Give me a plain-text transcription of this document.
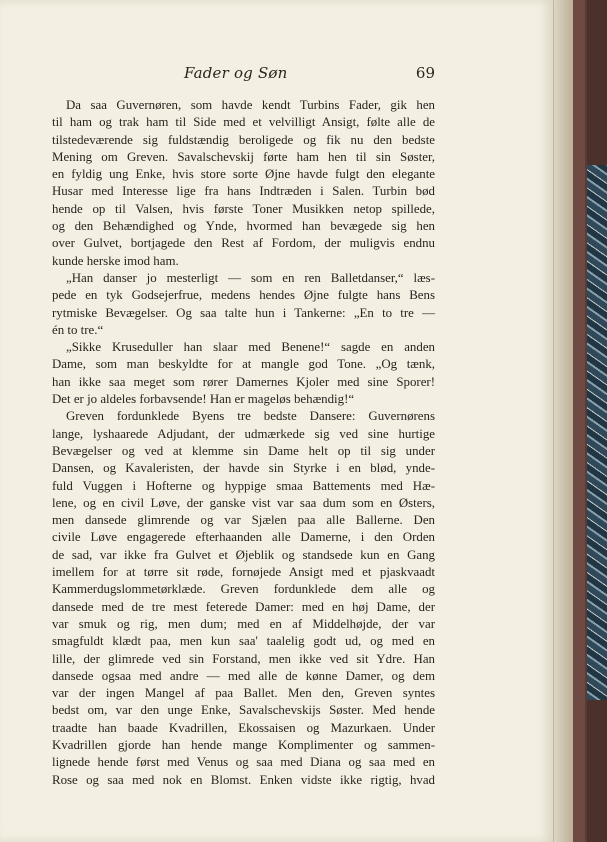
Fader og Søn	69
Da saa Guvernøren, som havde kendt Turbins Fader, gik hen
til ham og trak ham til Side med et velvilligt Ansigt, følte alle de
tilstedeværende sig fuldstændig beroligede og fik nu den bedste
Mening om Greven. Savalschevskij førte ham hen til sin Søster,
en fyldig ung Enke, hvis store sorte Øjne havde fulgt den elegante
Husar med Interesse lige fra hans Indtræden i Salen. Turbin bød
hende op til Valsen, hvis første Toner Musikken netop spillede,
og den Behændighed og Ynde, hvormed han bevægede sig hen
over Gulvet, bortjagede den Rest af Fordom, der muligvis endnu
kunde herske imod ham.
„Han danser jo mesterligt — som en ren Balletdanser,“ læs-
pede en tyk Godsejerfrue, medens hendes Øjne fulgte hans Bens
rytmiske Bevægelser. Og saa talte hun i Tankerne: „En to tre —
én to tre.“
„Sikke Kruseduller han slaar med Benene!“ sagde en anden
Dame, som man beskyldte for at mangle god Tone. „Og tænk,
han ikke saa meget som rører Damernes Kjoler med sine Sporer!
Det er jo aldeles forbavsende! Han er mageløs behændig!“
Greven fordunklede Byens tre bedste Dansere: Guvernørens
lange, lyshaarede Adjudant, der udmærkede sig ved sine hurtige
Bevægelser og ved at klemme sin Dame helt op til sig under
Dansen, og Kavaleristen, der havde sin Styrke i en blød, ynde-
fuld Vuggen i Hofterne og hyppige smaa Battements med Hæ-
lene, og en civil Løve, der ganske vist var saa dum som en Østers,
men dansede glimrende og var Sjælen paa alle Ballerne. Den
civile Løve engagerede efterhaanden alle Damerne, i den Orden
de sad, var ikke fra Gulvet et Øjeblik og standsede kun en Gang
imellem for at tørre sit røde, fornøjede Ansigt med et pjaskvaadt
Kammerdugslommetørklæde. Greven fordunklede dem alle og
dansede med de tre mest feterede Damer: med en høj Dame, der
var smuk og rig, men dum; med en af Middelhøjde, der var
smagfuldt klædt paa, men kun saa' taalelig godt ud, og med en
lille, der glimrede ved sin Forstand, men ikke ved sit Ydre. Han
dansede ogsaa med andre — med alle de kønne Damer, og dem
var der ingen Mangel af paa Ballet. Men den, Greven syntes
bedst om, var den unge Enke, Savalschevskijs Søster. Med hende
traadte han baade Kvadrillen, Ekossaisen og Mazurkaen. Under
Kvadrillen gjorde han hende mange Komplimenter og sammen-
lignede hende først med Venus og saa med Diana og saa med en
Rose og saa med nok en Blomst. Enken vidste ikke rigtig, hvad
